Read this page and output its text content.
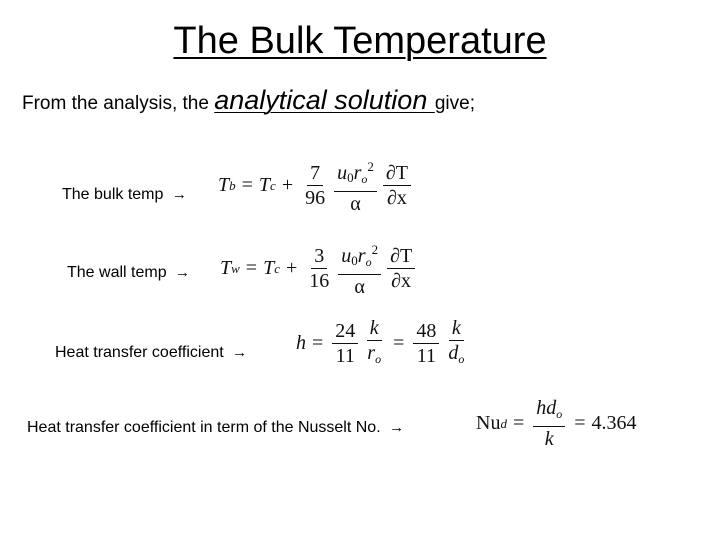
The Bulk Temperature
From the analysis, the analytical solution give;
The bulk temp → T b = T $c + \frac{7}{96} \frac{u_0r_o^2}{\alpha} \frac{\partial T}{\partial x}$
The wall temp → T w = T $c + \frac{3}{16} \frac{u_0r_o^2}{\alpha} \frac{\partial T}{\partial x}$
Heat transfer coefficient → $h = \frac{24}{11} \frac{k}{r_o} = \frac{48}{11} \frac{k}{d_o}$
Heat transfer coefficient in term of the Nusselt No. →	Nu $d = \frac{hd_o}{k} = 4.364$
